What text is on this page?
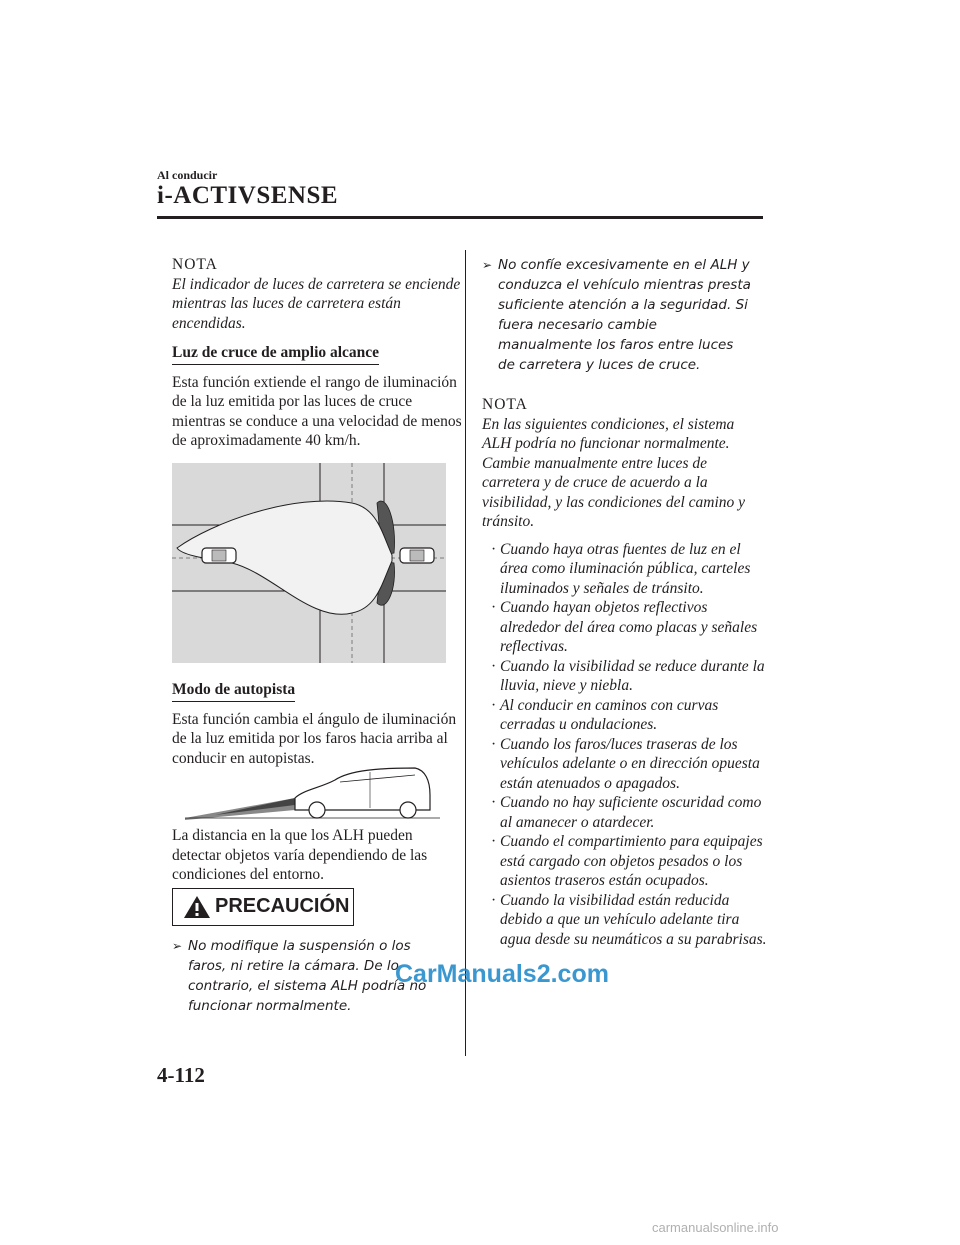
Al conducir
i-ACTIVSENSE
NOTA
El indicador de luces de carretera se enciende mientras las luces de carretera están encendidas.
Luz de cruce de amplio alcance
Esta función extiende el rango de iluminación de la luz emitida por las luces de cruce mientras se conduce a una velocidad de menos de aproximadamente 40 km/h.
Modo de autopista
Esta función cambia el ángulo de iluminación de la luz emitida por los faros hacia arriba al conducir en autopistas.
La distancia en la que los ALH pueden detectar objetos varía dependiendo de las condiciones del entorno.
PRECAUCIÓN
➢ No modifique la suspensión o los faros, ni retire la cámara. De lo contrario, el sistema ALH podría no funcionar normalmente.
➢ No confíe excesivamente en el ALH y conduzca el vehículo mientras presta suficiente atención a la seguridad. Si fuera necesario cambie manualmente los faros entre luces de carretera y luces de cruce.
NOTA
En las siguientes condiciones, el sistema ALH podría no funcionar normalmente. Cambie manualmente entre luces de carretera y de cruce de acuerdo a la visibilidad, y las condiciones del camino y tránsito.
· Cuando haya otras fuentes de luz en el área como iluminación pública, carteles iluminados y señales de tránsito.
· Cuando hayan objetos reflectivos alrededor del área como placas y señales reflectivas.
· Cuando la visibilidad se reduce durante la lluvia, nieve y niebla.
· Al conducir en caminos con curvas cerradas u ondulaciones.
· Cuando los faros/luces traseras de los vehículos adelante o en dirección opuesta están atenuados o apagados.
· Cuando no hay suficiente oscuridad como al amanecer o atardecer.
· Cuando el compartimiento para equipajes está cargado con objetos pesados o los asientos traseros están ocupados.
· Cuando la visibilidad están reducida debido a que un vehículo adelante tira agua desde su neumáticos a su parabrisas.
CarManuals2.com
4-112
carmanualsonline.info
